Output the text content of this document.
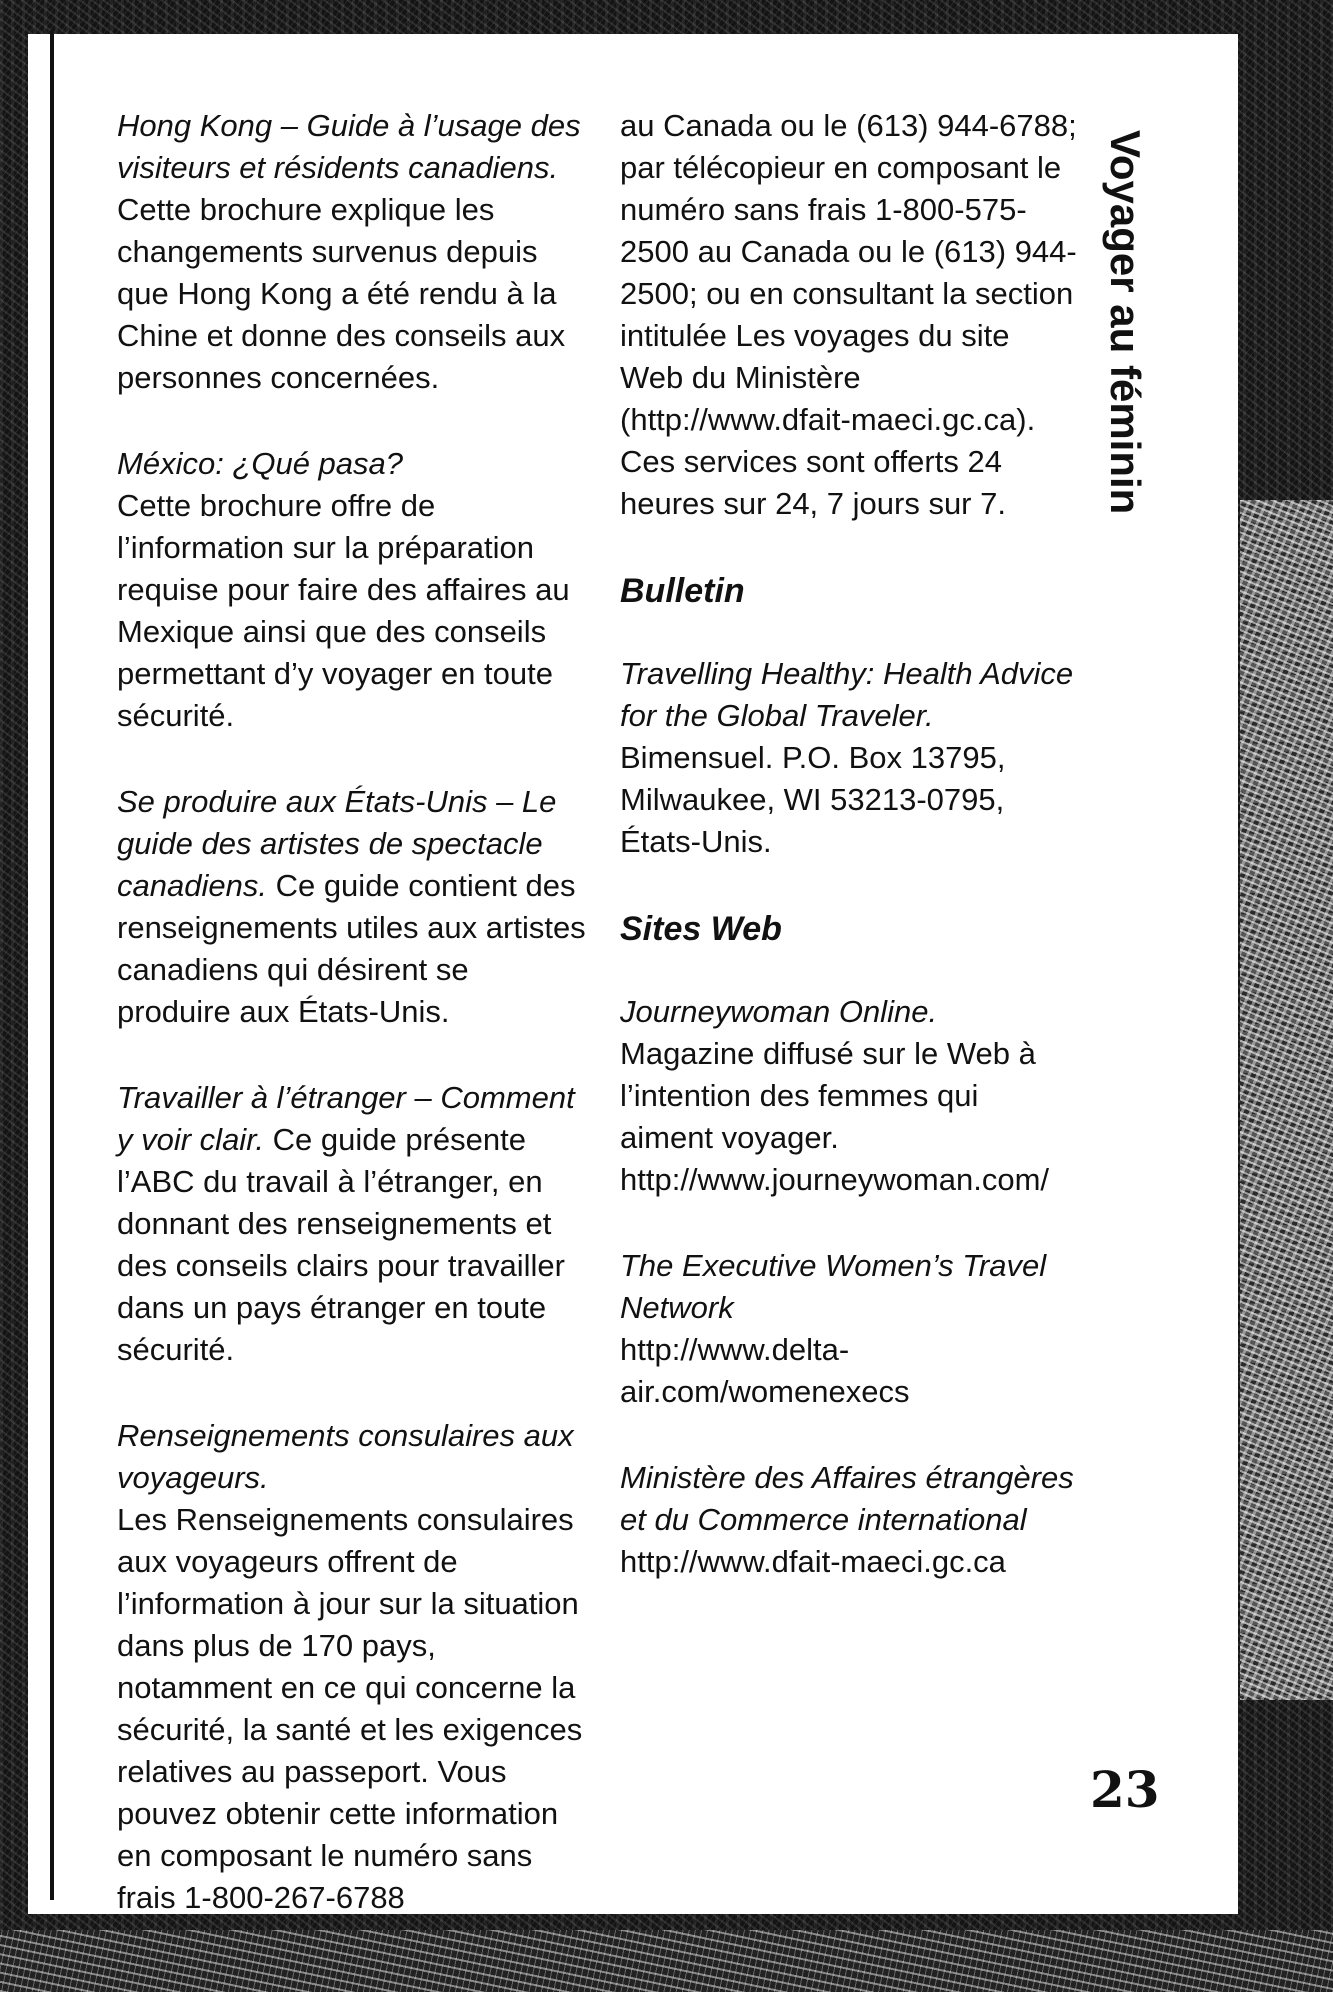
Hong Kong – Guide à l’usage des visiteurs et résidents canadiens. Cette brochure explique les changements survenus depuis que Hong Kong a été rendu à la Chine et donne des conseils aux personnes concernées.

México: ¿Qué pasa?

Cette brochure offre de l’information sur la préparation requise pour faire des affaires au Mexique ainsi que des conseils permettant d’y voyager en toute sécurité.

Se produire aux États-Unis – Le guide des artistes de spectacle canadiens. Ce guide contient des renseignements utiles aux artistes canadiens qui désirent se produire aux États-Unis.

Travailler à l’étranger – Comment y voir clair. Ce guide présente l’ABC du travail à l’étranger, en donnant des renseignements et des conseils clairs pour travailler dans un pays étranger en toute sécurité.

Renseignements consulaires aux voyageurs.

Les Renseignements consulaires aux voyageurs offrent de l’information à jour sur la situation dans plus de 170 pays, notamment en ce qui concerne la sécurité, la santé et les exigences relatives au passeport. Vous pouvez obtenir cette information en composant le numéro sans frais 1-800-267-6788

au Canada ou le (613) 944-6788; par télécopieur en composant le numéro sans frais 1-800-575-2500 au Canada ou le (613) 944-2500; ou en consultant la section intitulée Les voyages du site Web du Ministère (http://www.dfait-maeci.gc.ca). Ces services sont offerts 24 heures sur 24, 7 jours sur 7.

Bulletin

Travelling Healthy: Health Advice for the Global Traveler.

Bimensuel. P.O. Box 13795, Milwaukee, WI 53213-0795, États-Unis.

Sites Web

Journeywoman Online. Magazine diffusé sur le Web à l’intention des femmes qui aiment voyager. http://www.journeywoman.com/

The Executive Women’s Travel Network

http://www.delta-air.com/womenexecs

Ministère des Affaires étrangères et du Commerce international

http://www.dfait-maeci.gc.ca

Voyager au féminin
23
